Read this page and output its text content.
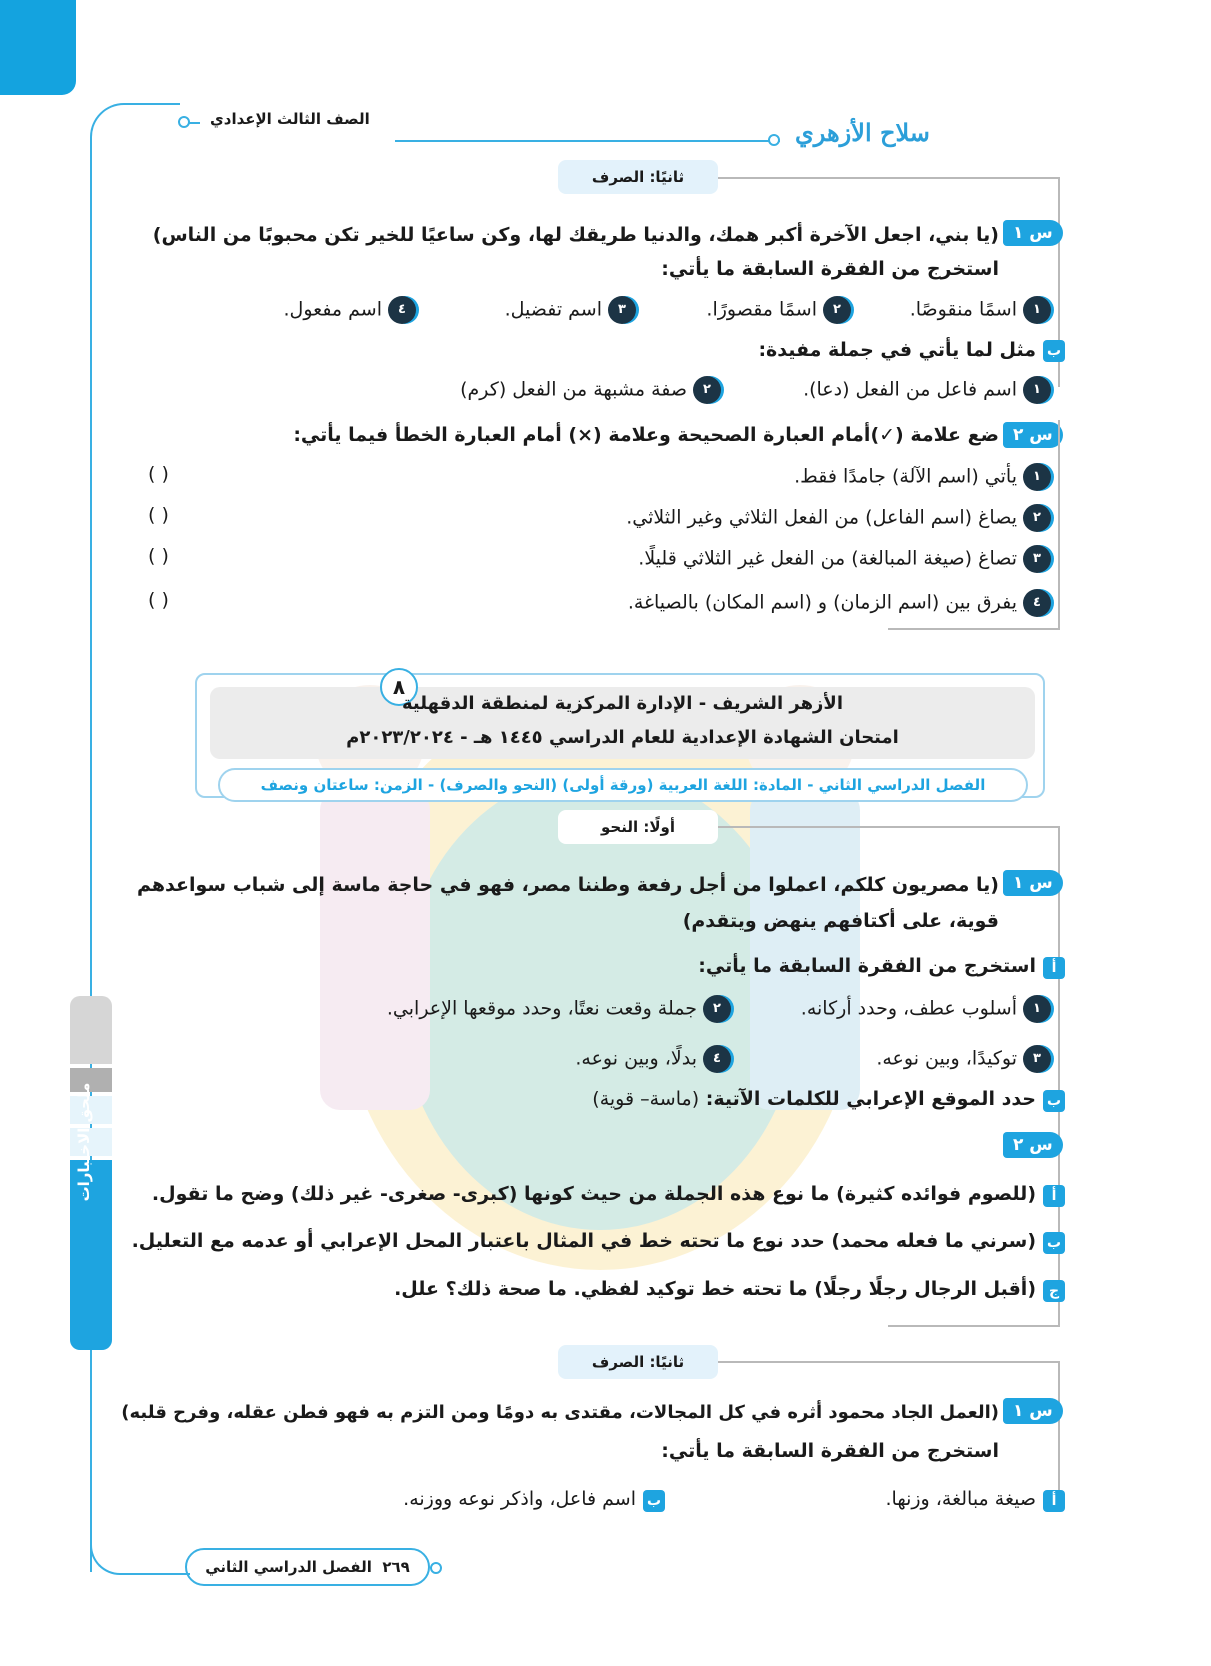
الصف الثالث الإعدادي	سلاح الأزهري
ثانيًا: الصرف
س ١
(يا بني، اجعل الآخرة أكبر همك، والدنيا طريقك لها، وكن ساعيًا للخير تكن محبوبًا من الناس)
استخرج من الفقرة السابقة ما يأتي:
١اسمًا منقوصًا.
٢اسمًا مقصورًا.
٣اسم تفضيل.
٤اسم مفعول.
ب
مثل لما يأتي في جملة مفيدة:
١اسم فاعل من الفعل (دعا).
٢صفة مشبهة من الفعل (كرم)
س ٢
ضع علامة (✓)أمام العبارة الصحيحة وعلامة (×) أمام العبارة الخطأ فيما يأتي:
١يأتي (اسم الآلة) جامدًا فقط.
( )
٢يصاغ (اسم الفاعل) من الفعل الثلاثي وغير الثلاثي.
( )
٣تصاغ (صيغة المبالغة) من الفعل غير الثلاثي قليلًا.
( )
٤يفرق بين (اسم الزمان) و (اسم المكان) بالصياغة.
( )
٨
الأزهر الشريف - الإدارة المركزية لمنطقة الدقهلية
امتحان الشهادة الإعدادية للعام الدراسي ١٤٤٥ هـ - ٢٠٢٣/٢٠٢٤م
الفصل الدراسي الثاني - المادة: اللغة العربية (ورقة أولى) (النحو والصرف) - الزمن: ساعتان ونصف
أولًا: النحو
س ١
(يا مصريون كلكم، اعملوا من أجل رفعة وطننا مصر، فهو في حاجة ماسة إلى شباب سواعدهم
قوية، على أكتافهم ينهض ويتقدم)
أ
استخرج من الفقرة السابقة ما يأتي:
١أسلوب عطف، وحدد أركانه.
٢جملة وقعت نعتًا، وحدد موقعها الإعرابي.
٣توكيدًا، وبين نوعه.
٤بدلًا، وبين نوعه.
ب
حدد الموقع الإعرابي للكلمات الآتية: (ماسة– قوية)
س ٢
أ
(للصوم فوائده كثيرة) ما نوع هذه الجملة من حيث كونها (كبرى- صغرى- غير ذلك) وضح ما تقول.
ب
(سرني ما فعله محمد) حدد نوع ما تحته خط في المثال باعتبار المحل الإعرابي أو عدمه مع التعليل.
ج
(أقبل الرجال رجلًا رجلًا) ما تحته خط توكيد لفظي. ما صحة ذلك؟ علل.
ثانيًا: الصرف
س ١
(العمل الجاد محمود أثره في كل المجالات، مقتدى به دومًا ومن التزم به فهو فطن عقله، وفرح قلبه)
استخرج من الفقرة السابقة ما يأتي:
أ
صيغة مبالغة، وزنها.
ب
اسم فاعل، واذكر نوعه ووزنه.
ملحق الاختبارات
٢٦٩  الفصل الدراسي الثاني
